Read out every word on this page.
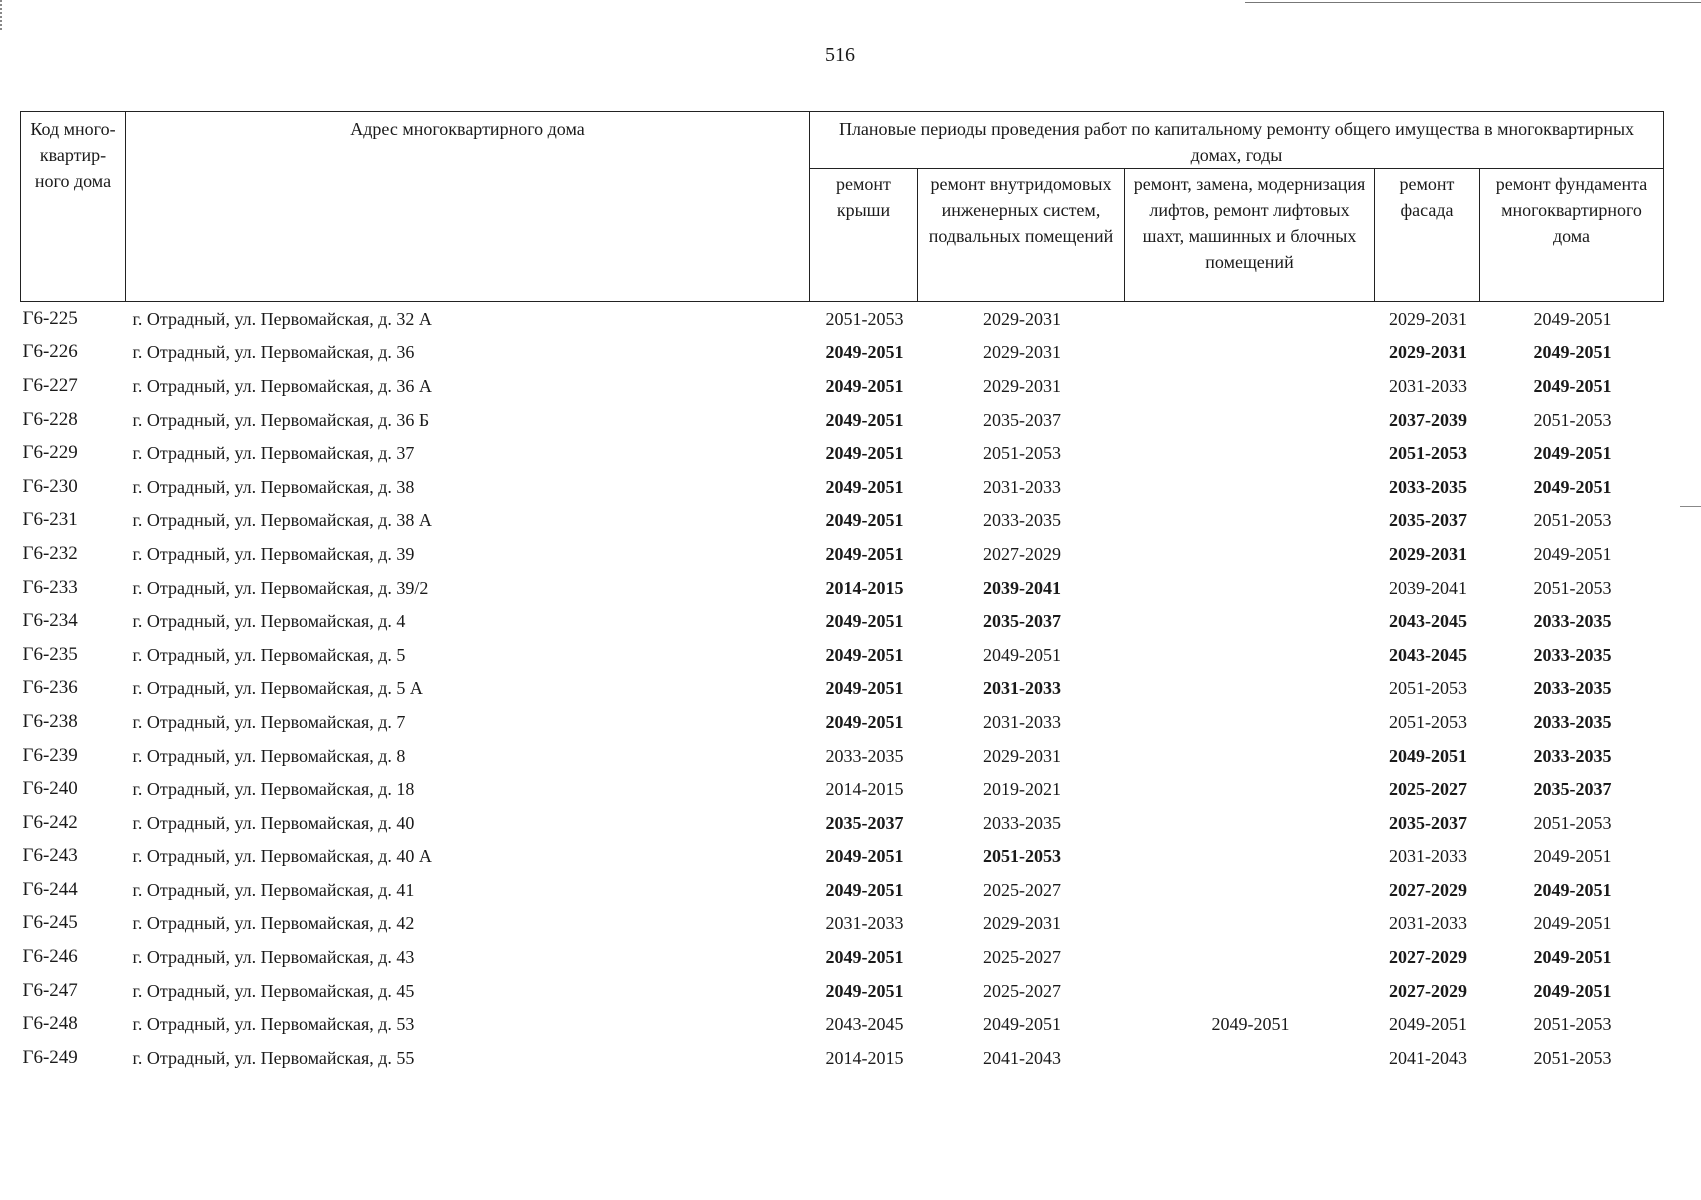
516
Код много-квартир-ного дома	Адрес многоквартирного дома	Плановые периоды проведения работ по капитальному ремонту общего имущества в многоквартирных домах, годы				
		ремонт крыши	ремонт внутридомовых инженерных систем, подвальных помещений	ремонт, замена, модернизация лифтов, ремонт лифтовых шахт, машинных и блочных помещений	ремонт фасада	ремонт фундамента многоквартирного дома
Г6-225	г. Отрадный, ул. Первомайская, д. 32 А	2051-2053	2029-2031		2029-2031	2049-2051
Г6-226	г. Отрадный, ул. Первомайская, д. 36	2049-2051	2029-2031		2029-2031	2049-2051
Г6-227	г. Отрадный, ул. Первомайская, д. 36 А	2049-2051	2029-2031		2031-2033	2049-2051
Г6-228	г. Отрадный, ул. Первомайская, д. 36 Б	2049-2051	2035-2037		2037-2039	2051-2053
Г6-229	г. Отрадный, ул. Первомайская, д. 37	2049-2051	2051-2053		2051-2053	2049-2051
Г6-230	г. Отрадный, ул. Первомайская, д. 38	2049-2051	2031-2033		2033-2035	2049-2051
Г6-231	г. Отрадный, ул. Первомайская, д. 38 А	2049-2051	2033-2035		2035-2037	2051-2053
Г6-232	г. Отрадный, ул. Первомайская, д. 39	2049-2051	2027-2029		2029-2031	2049-2051
Г6-233	г. Отрадный, ул. Первомайская, д. 39/2	2014-2015	2039-2041		2039-2041	2051-2053
Г6-234	г. Отрадный, ул. Первомайская, д. 4	2049-2051	2035-2037		2043-2045	2033-2035
Г6-235	г. Отрадный, ул. Первомайская, д. 5	2049-2051	2049-2051		2043-2045	2033-2035
Г6-236	г. Отрадный, ул. Первомайская, д. 5 А	2049-2051	2031-2033		2051-2053	2033-2035
Г6-238	г. Отрадный, ул. Первомайская, д. 7	2049-2051	2031-2033		2051-2053	2033-2035
Г6-239	г. Отрадный, ул. Первомайская, д. 8	2033-2035	2029-2031		2049-2051	2033-2035
Г6-240	г. Отрадный, ул. Первомайская, д. 18	2014-2015	2019-2021		2025-2027	2035-2037
Г6-242	г. Отрадный, ул. Первомайская, д. 40	2035-2037	2033-2035		2035-2037	2051-2053
Г6-243	г. Отрадный, ул. Первомайская, д. 40 А	2049-2051	2051-2053		2031-2033	2049-2051
Г6-244	г. Отрадный, ул. Первомайская, д. 41	2049-2051	2025-2027		2027-2029	2049-2051
Г6-245	г. Отрадный, ул. Первомайская, д. 42	2031-2033	2029-2031		2031-2033	2049-2051
Г6-246	г. Отрадный, ул. Первомайская, д. 43	2049-2051	2025-2027		2027-2029	2049-2051
Г6-247	г. Отрадный, ул. Первомайская, д. 45	2049-2051	2025-2027		2027-2029	2049-2051
Г6-248	г. Отрадный, ул. Первомайская, д. 53	2043-2045	2049-2051	2049-2051	2049-2051	2051-2053
Г6-249	г. Отрадный, ул. Первомайская, д. 55	2014-2015	2041-2043		2041-2043	2051-2053
